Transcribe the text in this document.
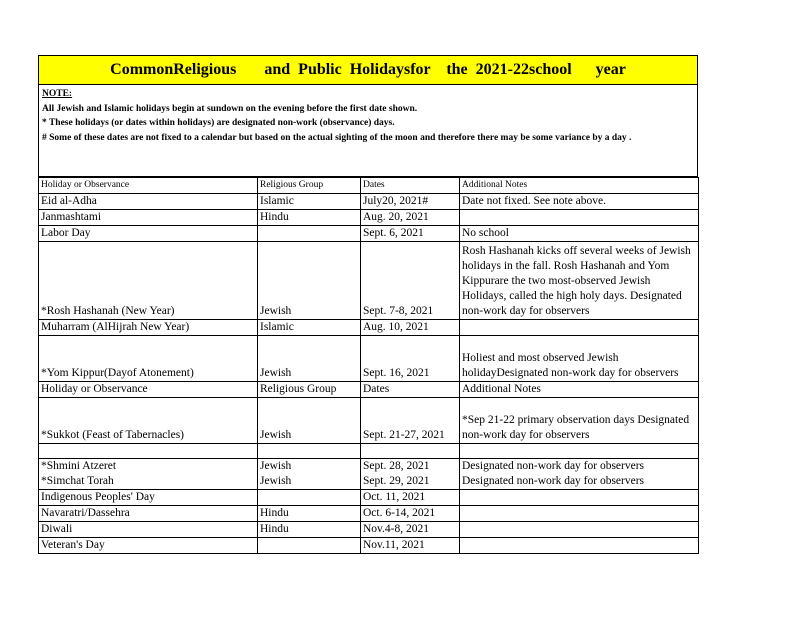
CommonReligious       and  Public  Holidaysfor    the  2021-22school      year

NOTE:

All Jewish and Islamic holidays begin at sundown on the evening before the first date shown.

* These holidays (or dates within holidays) are designated non-work (observance) days.

# Some of these dates are not fixed to a calendar but based on the actual sighting of the moon and therefore there may be some variance by a day .

Holiday or Observance	Religious Group	Dates	Additional Notes
Eid al-Adha	Islamic	July20, 2021#	Date not fixed. See note above.
Janmashtami	Hindu	Aug. 20, 2021	
Labor Day		Sept. 6, 2021	No school
*Rosh Hashanah (New Year)	Jewish	Sept. 7-8, 2021	Rosh Hashanah kicks off several weeks of Jewish holidays in the fall. Rosh Hashanah and Yom Kippurare the two most-observed Jewish Holidays, called the high holy days. Designated non-work day for observers
Muharram (AlHijrah New Year)	Islamic	Aug. 10, 2021	
*Yom Kippur(Dayof Atonement)	Jewish	Sept. 16, 2021	Holiest and most observed Jewish holidayDesignated non-work day for observers
Holiday or Observance	Religious Group	Dates	Additional Notes
*Sukkot (Feast of Tabernacles)	Jewish	Sept. 21-27, 2021	*Sep 21-22 primary observation days Designated non-work day for observers

*Shmini Atzeret	Jewish	Sept. 28, 2021	Designated non-work day for observers
*Simchat Torah	Jewish	Sept. 29, 2021	Designated non-work day for observers
Indigenous Peoples' Day		Oct. 11, 2021	
Navaratri/Dassehra	Hindu	Oct. 6-14, 2021	
Diwali	Hindu	Nov.4-8, 2021	
Veteran's Day		Nov.11, 2021	
